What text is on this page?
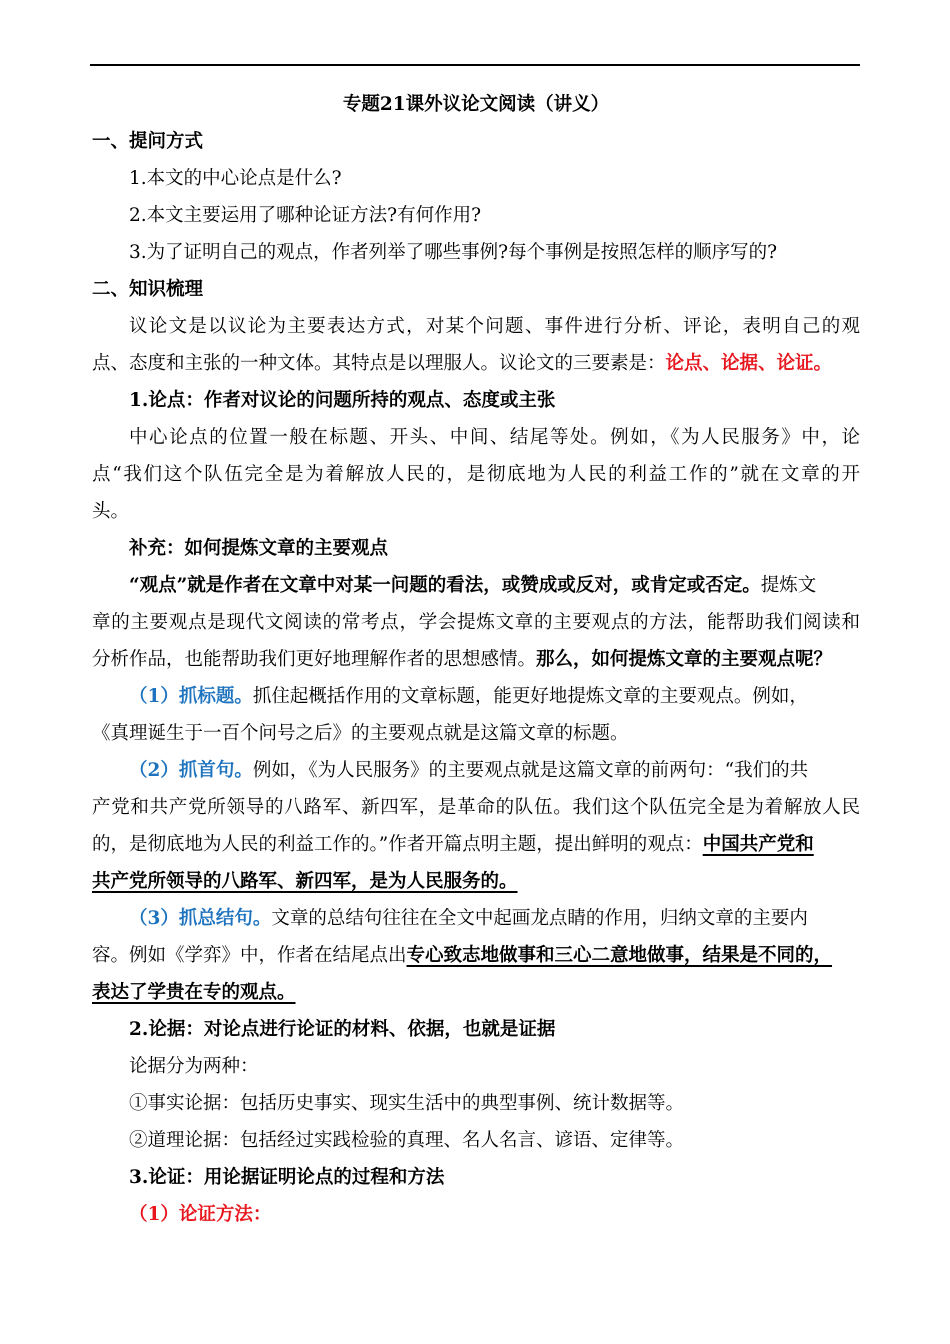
专题21课外议论文阅读（讲义）
一、提问方式
1.本文的中心论点是什么?
2.本文主要运用了哪种论证方法?有何作用?
3.为了证明自己的观点，作者列举了哪些事例?每个事例是按照怎样的顺序写的?
二、知识梳理
议论文是以议论为主要表达方式，对某个问题、事件进行分析、评论，表明自己的观
点、态度和主张的一种文体。其特点是以理服人。议论文的三要素是：论点、论据、论证。
1.论点：作者对议论的问题所持的观点、态度或主张
中心论点的位置一般在标题、开头、中间、结尾等处。例如，《为人民服务》中，论
点“我们这个队伍完全是为着解放人民的，是彻底地为人民的利益工作的”就在文章的开
头。
补充：如何提炼文章的主要观点
“观点”就是作者在文章中对某一问题的看法，或赞成或反对，或肯定或否定。提炼文
章的主要观点是现代文阅读的常考点，学会提炼文章的主要观点的方法，能帮助我们阅读和
分析作品，也能帮助我们更好地理解作者的思想感情。那么，如何提炼文章的主要观点呢？
（1）抓标题。抓住起概括作用的文章标题，能更好地提炼文章的主要观点。例如，
《真理诞生于一百个问号之后》的主要观点就是这篇文章的标题。
（2）抓首句。例如，《为人民服务》的主要观点就是这篇文章的前两句：“我们的共
产党和共产党所领导的八路军、新四军，是革命的队伍。我们这个队伍完全是为着解放人民
的，是彻底地为人民的利益工作的。”作者开篇点明主题，提出鲜明的观点：中国共产党和
共产党所领导的八路军、新四军，是为人民服务的。
（3）抓总结句。文章的总结句往往在全文中起画龙点睛的作用，归纳文章的主要内
容。例如《学弈》中，作者在结尾点出专心致志地做事和三心二意地做事，结果是不同的，
表达了学贵在专的观点。
2.论据：对论点进行论证的材料、依据，也就是证据
论据分为两种：
①事实论据：包括历史事实、现实生活中的典型事例、统计数据等。
②道理论据：包括经过实践检验的真理、名人名言、谚语、定律等。
3.论证：用论据证明论点的过程和方法
（1）论证方法：
